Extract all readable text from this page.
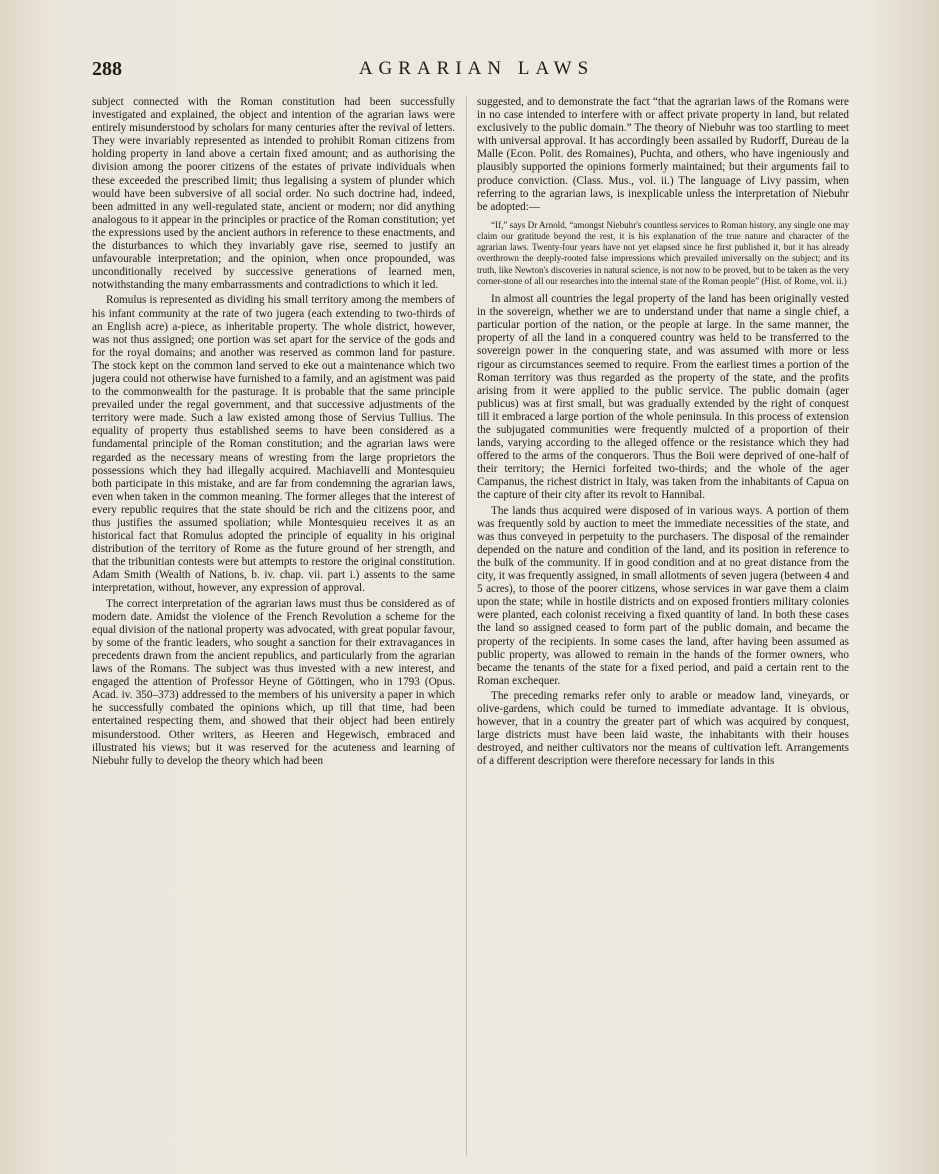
288	AGRARIAN LAWS

subject connected with the Roman constitution had been successfully investigated and explained, the object and intention of the agrarian laws were entirely misunderstood by scholars for many centuries after the revival of letters. They were invariably represented as intended to prohibit Roman citizens from holding property in land above a certain fixed amount; and as authorising the division among the poorer citizens of the estates of private individuals when these exceeded the prescribed limit; thus legalising a system of plunder which would have been subversive of all social order. No such doctrine had, indeed, been admitted in any well-regulated state, ancient or modern; nor did anything analogous to it appear in the principles or practice of the Roman constitution; yet the expressions used by the ancient authors in reference to these enactments, and the disturbances to which they invariably gave rise, seemed to justify an unfavourable interpretation; and the opinion, when once propounded, was unconditionally received by successive generations of learned men, notwithstanding the many embarrassments and contradictions to which it led.

Romulus is represented as dividing his small territory among the members of his infant community at the rate of two jugera (each extending to two-thirds of an English acre) a-piece, as inheritable property. The whole district, however, was not thus assigned; one portion was set apart for the service of the gods and for the royal domains; and another was reserved as common land for pasture. The stock kept on the common land served to eke out a maintenance which two jugera could not otherwise have furnished to a family, and an agistment was paid to the commonwealth for the pasturage. It is probable that the same principle prevailed under the regal government, and that successive adjustments of the territory were made. Such a law existed among those of Servius Tullius. The equality of property thus established seems to have been considered as a fundamental principle of the Roman constitution; and the agrarian laws were regarded as the necessary means of wresting from the large proprietors the possessions which they had illegally acquired. Machiavelli and Montesquieu both participate in this mistake, and are far from condemning the agrarian laws, even when taken in the common meaning. The former alleges that the interest of every republic requires that the state should be rich and the citizens poor, and thus justifies the assumed spoliation; while Montesquieu receives it as an historical fact that Romulus adopted the principle of equality in his original distribution of the territory of Rome as the future ground of her strength, and that the tribunitian contests were but attempts to restore the original constitution. Adam Smith (Wealth of Nations, b. iv. chap. vii. part i.) assents to the same interpretation, without, however, any expression of approval.

The correct interpretation of the agrarian laws must thus be considered as of modern date. Amidst the violence of the French Revolution a scheme for the equal division of the national property was advocated, with great popular favour, by some of the frantic leaders, who sought a sanction for their extravagances in precedents drawn from the ancient republics, and particularly from the agrarian laws of the Romans. The subject was thus invested with a new interest, and engaged the attention of Professor Heyne of Göttingen, who in 1793 (Opus. Acad. iv. 350–373) addressed to the members of his university a paper in which he successfully combated the opinions which, up till that time, had been entertained respecting them, and showed that their object had been entirely misunderstood. Other writers, as Heeren and Hegewisch, embraced and illustrated his views; but it was reserved for the acuteness and learning of Niebuhr fully to develop the theory which had been

suggested, and to demonstrate the fact “that the agrarian laws of the Romans were in no case intended to interfere with or affect private property in land, but related exclusively to the public domain.” The theory of Niebuhr was too startling to meet with universal approval. It has accordingly been assailed by Rudorff, Dureau de la Malle (Econ. Polit. des Romaines), Puchta, and others, who have ingeniously and plausibly supported the opinions formerly maintained; but their arguments fail to produce conviction. (Class. Mus., vol. ii.) The language of Livy passim, when referring to the agrarian laws, is inexplicable unless the interpretation of Niebuhr be adopted:—

“If,” says Dr Arnold, “amongst Niebuhr's countless services to Roman history, any single one may claim our gratitude beyond the rest, it is his explanation of the true nature and character of the agrarian laws. Twenty-four years have not yet elapsed since he first published it, but it has already overthrown the deeply-rooted false impressions which prevailed universally on the subject; and its truth, like Newton's discoveries in natural science, is not now to be proved, but to be taken as the very corner-stone of all our researches into the internal state of the Roman people” (Hist. of Rome, vol. ii.)

In almost all countries the legal property of the land has been originally vested in the sovereign, whether we are to understand under that name a single chief, a particular portion of the nation, or the people at large. In the same manner, the property of all the land in a conquered country was held to be transferred to the sovereign power in the conquering state, and was assumed with more or less rigour as circumstances seemed to require. From the earliest times a portion of the Roman territory was thus regarded as the property of the state, and the profits arising from it were applied to the public service. The public domain (ager publicus) was at first small, but was gradually extended by the right of conquest till it embraced a large portion of the whole peninsula. In this process of extension the subjugated communities were frequently mulcted of a proportion of their lands, varying according to the alleged offence or the resistance which they had offered to the arms of the conquerors. Thus the Boii were deprived of one-half of their territory; the Hernici forfeited two-thirds; and the whole of the ager Campanus, the richest district in Italy, was taken from the inhabitants of Capua on the capture of their city after its revolt to Hannibal.

The lands thus acquired were disposed of in various ways. A portion of them was frequently sold by auction to meet the immediate necessities of the state, and was thus conveyed in perpetuity to the purchasers. The disposal of the remainder depended on the nature and condition of the land, and its position in reference to the bulk of the community. If in good condition and at no great distance from the city, it was frequently assigned, in small allotments of seven jugera (between 4 and 5 acres), to those of the poorer citizens, whose services in war gave them a claim upon the state; while in hostile districts and on exposed frontiers military colonies were planted, each colonist receiving a fixed quantity of land. In both these cases the land so assigned ceased to form part of the public domain, and became the property of the recipients. In some cases the land, after having been assumed as public property, was allowed to remain in the hands of the former owners, who became the tenants of the state for a fixed period, and paid a certain rent to the Roman exchequer.

The preceding remarks refer only to arable or meadow land, vineyards, or olive-gardens, which could be turned to immediate advantage. It is obvious, however, that in a country the greater part of which was acquired by conquest, large districts must have been laid waste, the inhabitants with their houses destroyed, and neither cultivators nor the means of cultivation left. Arrangements of a different description were therefore necessary for lands in this
